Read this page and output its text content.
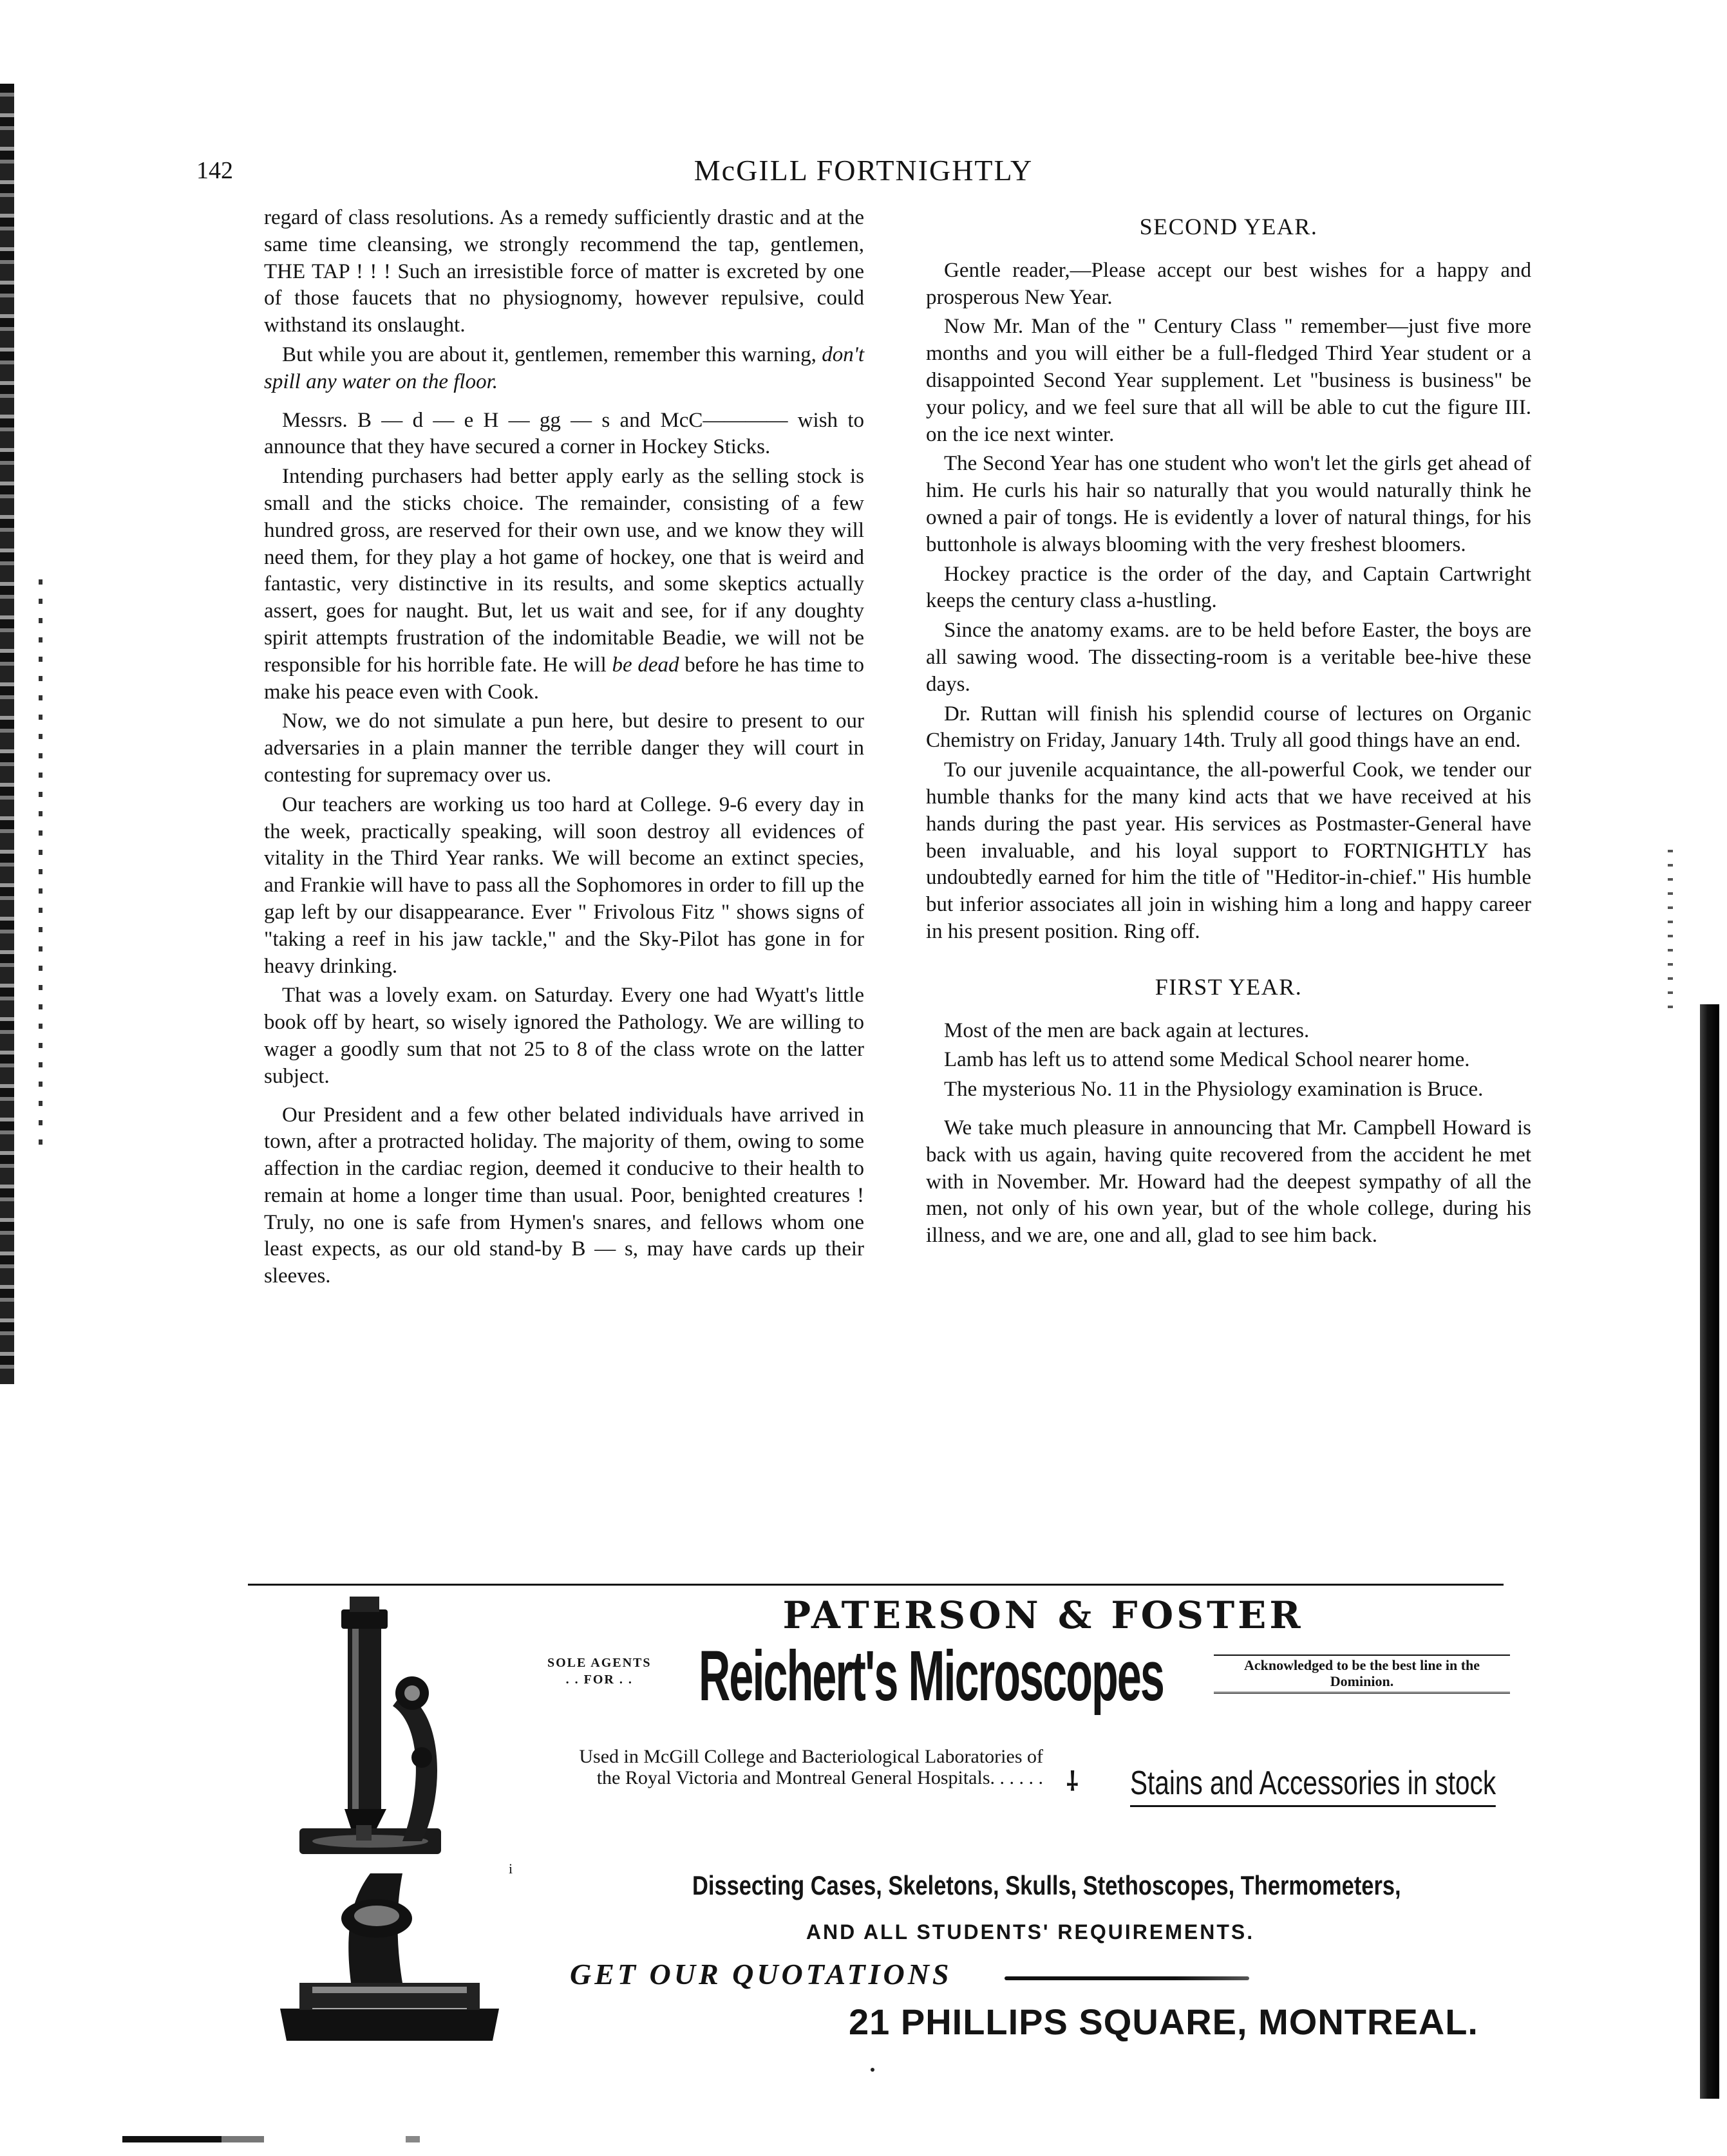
142	McGILL FORTNIGHTLY

regard of class resolutions. As a remedy sufficiently drastic and at the same time cleansing, we strongly recommend the tap, gentlemen, THE TAP ! ! ! Such an irresistible force of matter is excreted by one of those faucets that no physiognomy, however repulsive, could withstand its onslaught.

But while you are about it, gentlemen, remember this warning, don't spill any water on the floor.

Messrs. B — d — e H — gg — s and McC———— wish to announce that they have secured a corner in Hockey Sticks.

Intending purchasers had better apply early as the selling stock is small and the sticks choice. The remainder, consisting of a few hundred gross, are reserved for their own use, and we know they will need them, for they play a hot game of hockey, one that is weird and fantastic, very distinctive in its results, and some skeptics actually assert, goes for naught. But, let us wait and see, for if any doughty spirit attempts frustration of the indomitable Beadie, we will not be responsible for his horrible fate. He will be dead before he has time to make his peace even with Cook.

Now, we do not simulate a pun here, but desire to present to our adversaries in a plain manner the terrible danger they will court in contesting for supremacy over us.

Our teachers are working us too hard at College. 9-6 every day in the week, practically speaking, will soon destroy all evidences of vitality in the Third Year ranks. We will become an extinct species, and Frankie will have to pass all the Sophomores in order to fill up the gap left by our disappearance. Ever " Frivolous Fitz " shows signs of "taking a reef in his jaw tackle," and the Sky-Pilot has gone in for heavy drinking.

That was a lovely exam. on Saturday. Every one had Wyatt's little book off by heart, so wisely ignored the Pathology. We are willing to wager a goodly sum that not 25 to 8 of the class wrote on the latter subject.

Our President and a few other belated individuals have arrived in town, after a protracted holiday. The majority of them, owing to some affection in the cardiac region, deemed it conducive to their health to remain at home a longer time than usual. Poor, benighted creatures ! Truly, no one is safe from Hymen's snares, and fellows whom one least expects, as our old stand-by B — s, may have cards up their sleeves.

SECOND YEAR.

Gentle reader,—Please accept our best wishes for a happy and prosperous New Year.

Now Mr. Man of the " Century Class " remember—just five more months and you will either be a full-fledged Third Year student or a disappointed Second Year supplement. Let "business is business" be your policy, and we feel sure that all will be able to cut the figure III. on the ice next winter.

The Second Year has one student who won't let the girls get ahead of him. He curls his hair so naturally that you would naturally think he owned a pair of tongs. He is evidently a lover of natural things, for his buttonhole is always blooming with the very freshest bloomers.

Hockey practice is the order of the day, and Captain Cartwright keeps the century class a-hustling.

Since the anatomy exams. are to be held before Easter, the boys are all sawing wood. The dissecting-room is a veritable bee-hive these days.

Dr. Ruttan will finish his splendid course of lectures on Organic Chemistry on Friday, January 14th. Truly all good things have an end.

To our juvenile acquaintance, the all-powerful Cook, we tender our humble thanks for the many kind acts that we have received at his hands during the past year. His services as Postmaster-General have been invaluable, and his loyal support to FORTNIGHTLY has undoubtedly earned for him the title of "Heditor-in-chief." His humble but inferior associates all join in wishing him a long and happy career in his present position. Ring off.

FIRST YEAR.

Most of the men are back again at lectures.

Lamb has left us to attend some Medical School nearer home.

The mysterious No. 11 in the Physiology examination is Bruce.

We take much pleasure in announcing that Mr. Campbell Howard is back with us again, having quite recovered from the accident he met with in November. Mr. Howard had the deepest sympathy of all the men, not only of his own year, but of the whole college, during his illness, and we are, one and all, glad to see him back.

i
PATERSON & FOSTER
SOLE AGENTS
. . FOR . . Reichert's Microscopes	Acknowledged to be the best line in the Dominion.
Used in McGill College and Bacteriological Laboratories of the Royal Victoria and Montreal General Hospitals. . . . . . ⸸ Stains and Accessories in stock
Dissecting Cases, Skeletons, Skulls, Stethoscopes, Thermometers,
AND ALL STUDENTS' REQUIREMENTS.
GET OUR QUOTATIONS
21 PHILLIPS SQUARE, MONTREAL.
